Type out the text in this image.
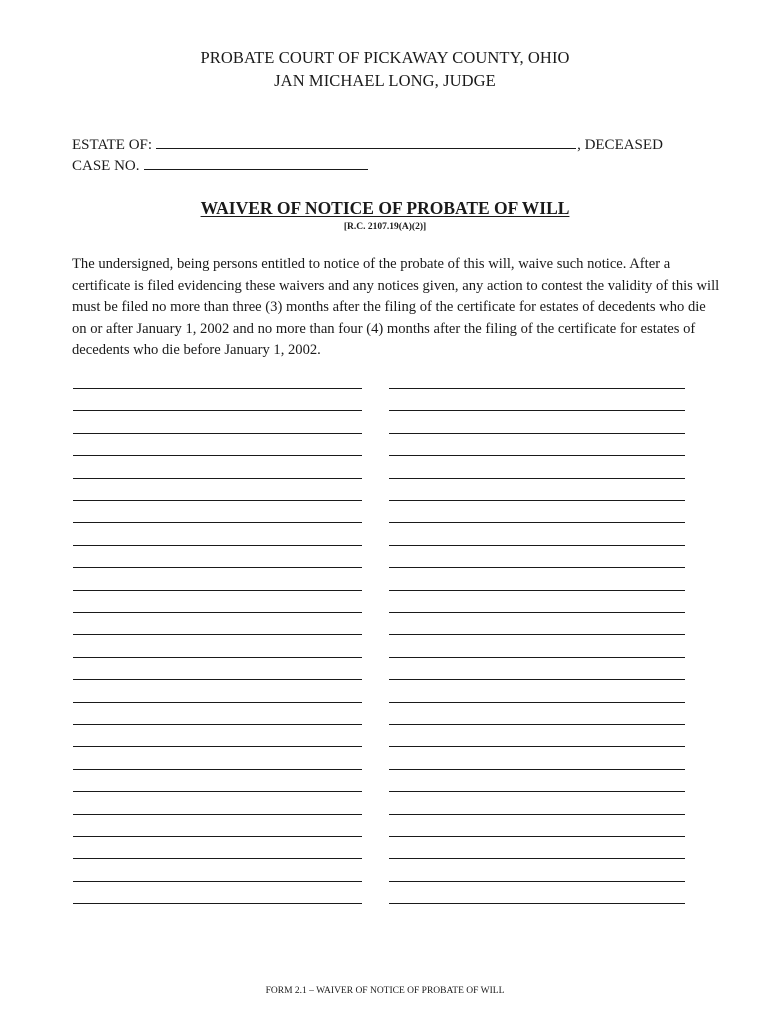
PROBATE COURT OF PICKAWAY COUNTY, OHIO
JAN MICHAEL LONG, JUDGE
ESTATE OF:	, DECEASED
CASE NO.
WAIVER OF NOTICE OF PROBATE OF WILL
[R.C. 2107.19(A)(2)]
The undersigned, being persons entitled to notice of the probate of this will, waive such notice. After a certificate is filed evidencing these waivers and any notices given, any action to contest the validity of this will must be filed no more than three (3) months after the filing of the certificate for estates of decedents who die on or after January 1, 2002 and no more than four (4) months after the filing of the certificate for estates of decedents who die before January 1, 2002.
FORM 2.1 – WAIVER OF NOTICE OF PROBATE OF WILL
